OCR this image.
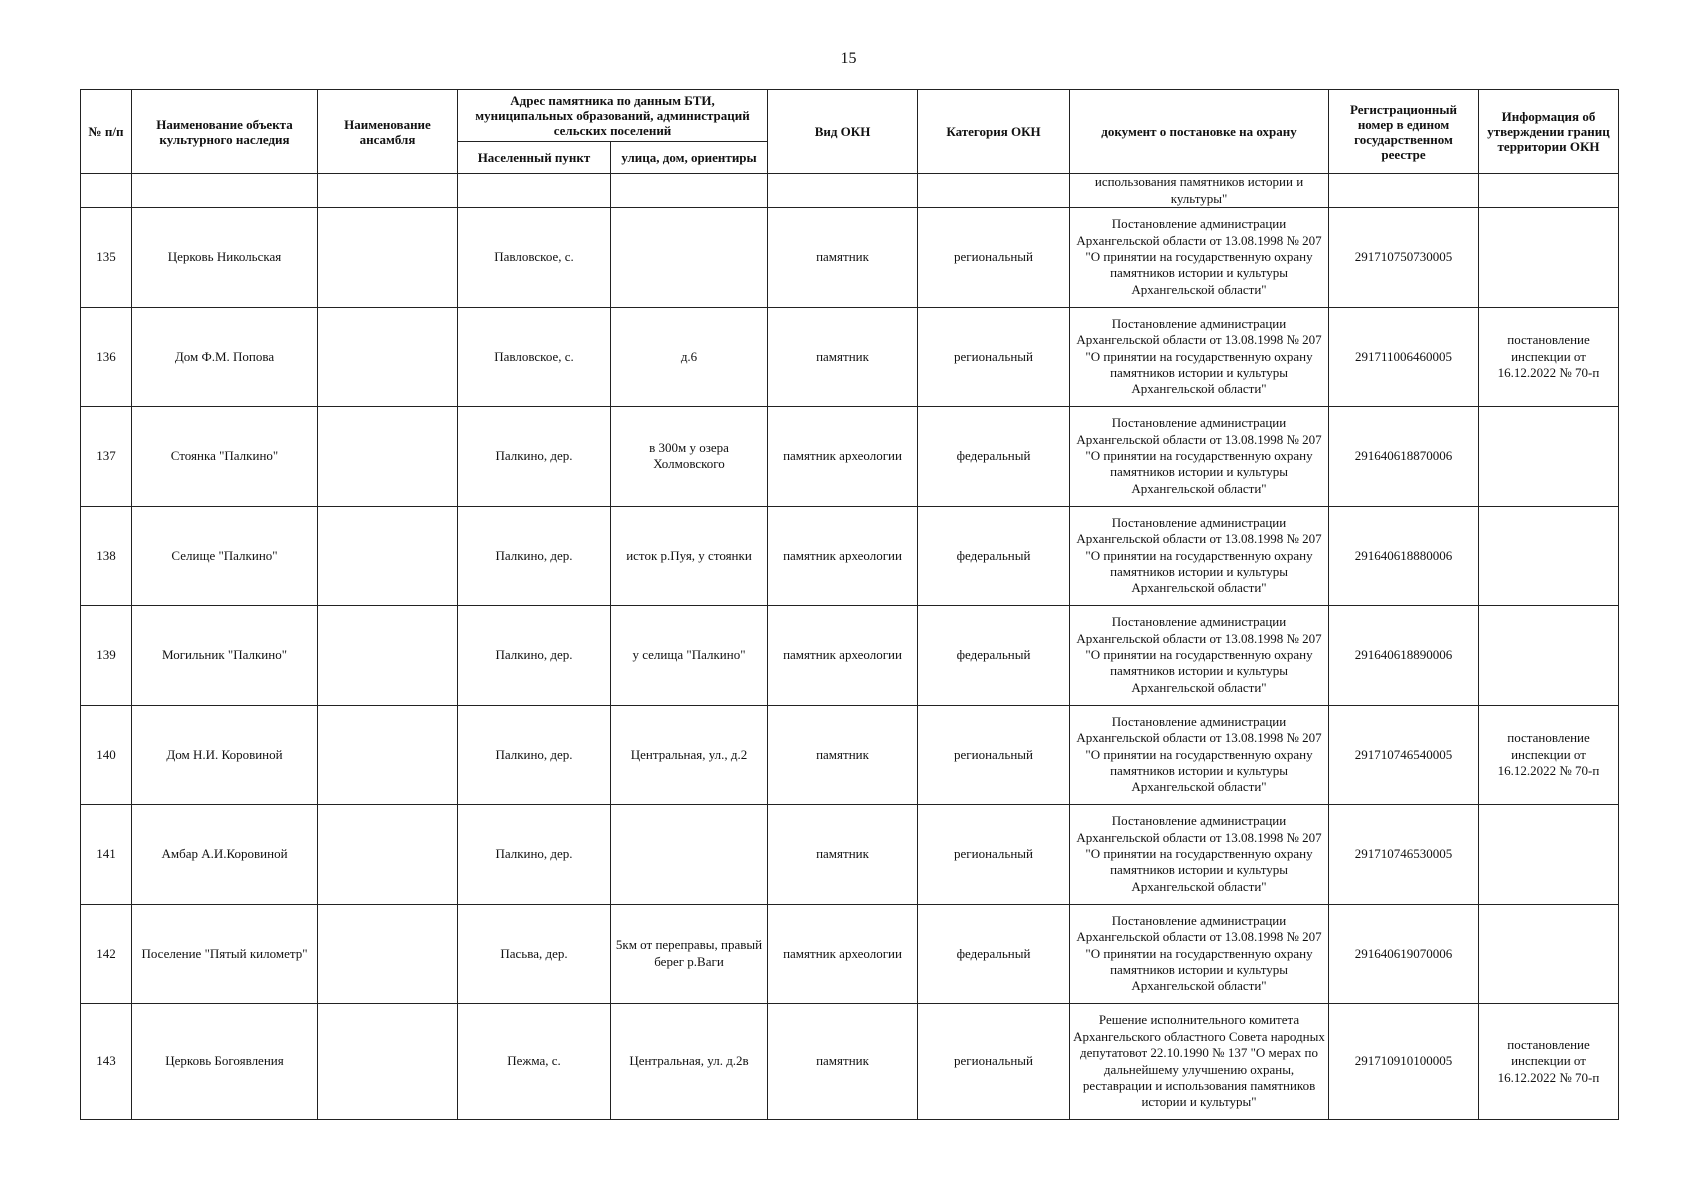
15
№ п/п	Наименование объекта культурного наследия	Наименование ансамбля	Адрес памятника по данным БТИ, муниципальных образований, администраций сельских поселений		Вид ОКН	Категория ОКН	документ о постановке на охрану	Регистрационный номер в едином государственном реестре	Информация об утверждении границ территории ОКН
			Населенный пункт	улица, дом, ориентиры					
							использования памятников истории и культуры"		
135	Церковь Никольская		Павловское, с.		памятник	региональный	Постановление администрации Архангельской области от 13.08.1998 № 207 "О принятии на государственную охрану памятников истории и культуры Архангельской области"	291710750730005	
136	Дом Ф.М. Попова		Павловское, с.	д.6	памятник	региональный	Постановление администрации Архангельской области от 13.08.1998 № 207 "О принятии на государственную охрану памятников истории и культуры Архангельской области"	291711006460005	постановление инспекции от 16.12.2022 № 70-п
137	Стоянка "Палкино"		Палкино, дер.	в 300м у озера Холмовского	памятник археологии	федеральный	Постановление администрации Архангельской области от 13.08.1998 № 207 "О принятии на государственную охрану памятников истории и культуры Архангельской области"	291640618870006	
138	Селище "Палкино"		Палкино, дер.	исток р.Пуя, у стоянки	памятник археологии	федеральный	Постановление администрации Архангельской области от 13.08.1998 № 207 "О принятии на государственную охрану памятников истории и культуры Архангельской области"	291640618880006	
139	Могильник "Палкино"		Палкино, дер.	у селища "Палкино"	памятник археологии	федеральный	Постановление администрации Архангельской области от 13.08.1998 № 207 "О принятии на государственную охрану памятников истории и культуры Архангельской области"	291640618890006	
140	Дом Н.И. Коровиной		Палкино, дер.	Центральная, ул., д.2	памятник	региональный	Постановление администрации Архангельской области от 13.08.1998 № 207 "О принятии на государственную охрану памятников истории и культуры Архангельской области"	291710746540005	постановление инспекции от 16.12.2022 № 70-п
141	Амбар А.И.Коровиной		Палкино, дер.		памятник	региональный	Постановление администрации Архангельской области от 13.08.1998 № 207 "О принятии на государственную охрану памятников истории и культуры Архангельской области"	291710746530005	
142	Поселение "Пятый километр"		Пасьва, дер.	5км от переправы, правый берег р.Ваги	памятник археологии	федеральный	Постановление администрации Архангельской области от 13.08.1998 № 207 "О принятии на государственную охрану памятников истории и культуры Архангельской области"	291640619070006	
143	Церковь Богоявления		Пежма, с.	Центральная, ул. д.2в	памятник	региональный	Решение исполнительного комитета Архангельского областного Совета народных депутатовот 22.10.1990 № 137 "О мерах по дальнейшему улучшению охраны, реставрации и использования памятников истории и культуры"	291710910100005	постановление инспекции от 16.12.2022 № 70-п
